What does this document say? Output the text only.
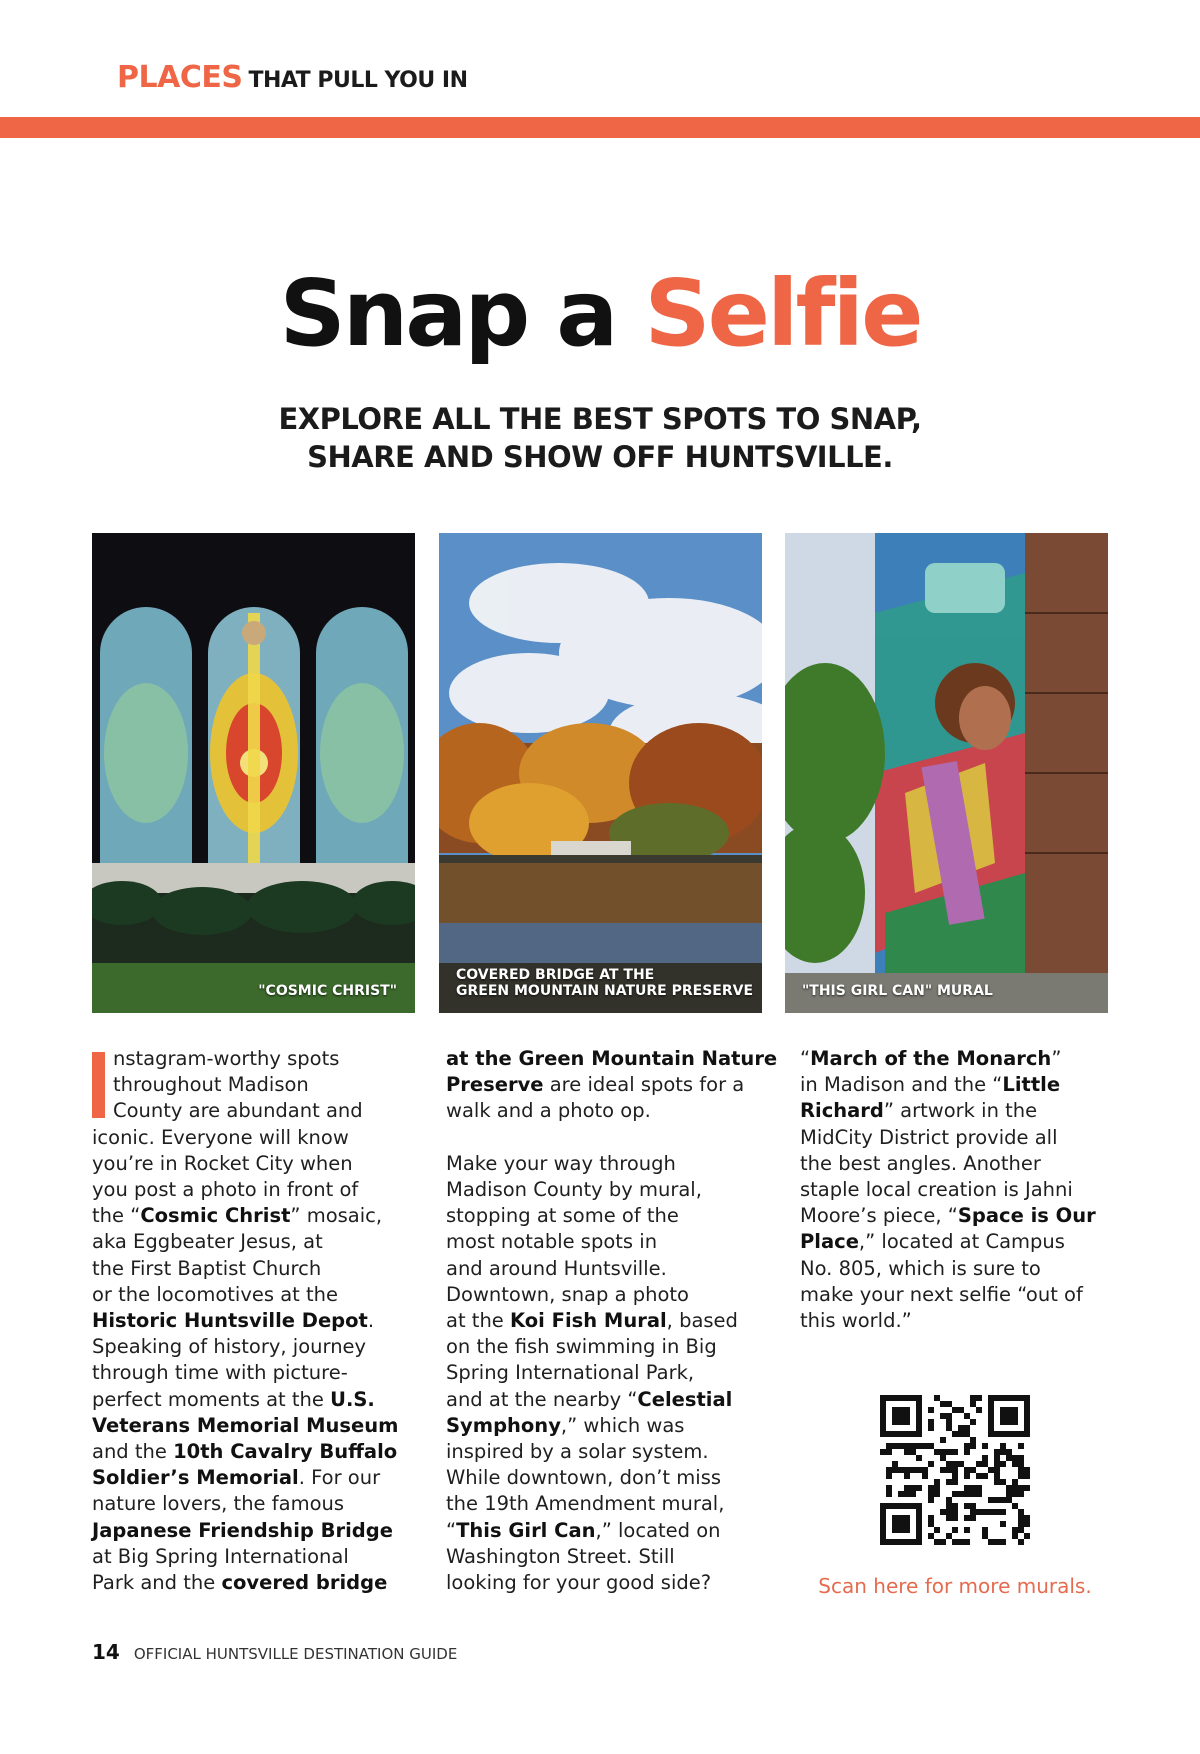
PLACES THAT PULL YOU IN
Snap a Selfie
EXPLORE ALL THE BEST SPOTS TO SNAP,
SHARE AND SHOW OFF HUNTSVILLE.
"COSMIC CHRIST"
COVERED BRIDGE AT THE
GREEN MOUNTAIN NATURE PRESERVE	"THIS GIRL CAN" MURAL
nstagram-worthy spots
throughout Madison
County are abundant and
iconic. Everyone will know
you’re in Rocket City when
you post a photo in front of
the “Cosmic Christ” mosaic,
aka Eggbeater Jesus, at
the First Baptist Church
or the locomotives at the
Historic Huntsville Depot.
Speaking of history, journey
through time with picture-
perfect moments at the U.S.
Veterans Memorial Museum
and the 10th Cavalry Buffalo
Soldier’s Memorial. For our
nature lovers, the famous
Japanese Friendship Bridge
at Big Spring International
Park and the covered bridge
at the Green Mountain Nature
Preserve are ideal spots for a
walk and a photo op.
Make your way through
Madison County by mural,
stopping at some of the
most notable spots in
and around Huntsville.
Downtown, snap a photo
at the Koi Fish Mural, based
on the fish swimming in Big
Spring International Park,
and at the nearby “Celestial
Symphony,” which was
inspired by a solar system.
While downtown, don’t miss
the 19th Amendment mural,
“This Girl Can,” located on
Washington Street. Still
looking for your good side?
“March of the Monarch”
in Madison and the “Little
Richard” artwork in the
MidCity District provide all
the best angles. Another
staple local creation is Jahni
Moore’s piece, “Space is Our
Place,” located at Campus
No. 805, which is sure to
make your next selfie “out of
this world.”
Scan here for more murals.
14 OFFICIAL HUNTSVILLE DESTINATION GUIDE
